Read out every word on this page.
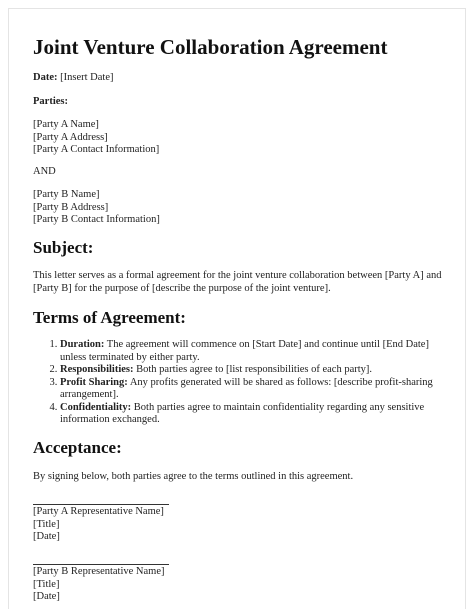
Joint Venture Collaboration Agreement
Date: [Insert Date]
Parties:
[Party A Name]
[Party A Address]
[Party A Contact Information]
AND
[Party B Name]
[Party B Address]
[Party B Contact Information]
Subject:
This letter serves as a formal agreement for the joint venture collaboration between [Party A] and [Party B] for the purpose of [describe the purpose of the joint venture].
Terms of Agreement:
1. Duration: The agreement will commence on [Start Date] and continue until [End Date] unless terminated by either party.
2. Responsibilities: Both parties agree to [list responsibilities of each party].
3. Profit Sharing: Any profits generated will be shared as follows: [describe profit-sharing arrangement].
4. Confidentiality: Both parties agree to maintain confidentiality regarding any sensitive information exchanged.
Acceptance:
By signing below, both parties agree to the terms outlined in this agreement.
[Party A Representative Name]
[Title]
[Date]
[Party B Representative Name]
[Title]
[Date]
